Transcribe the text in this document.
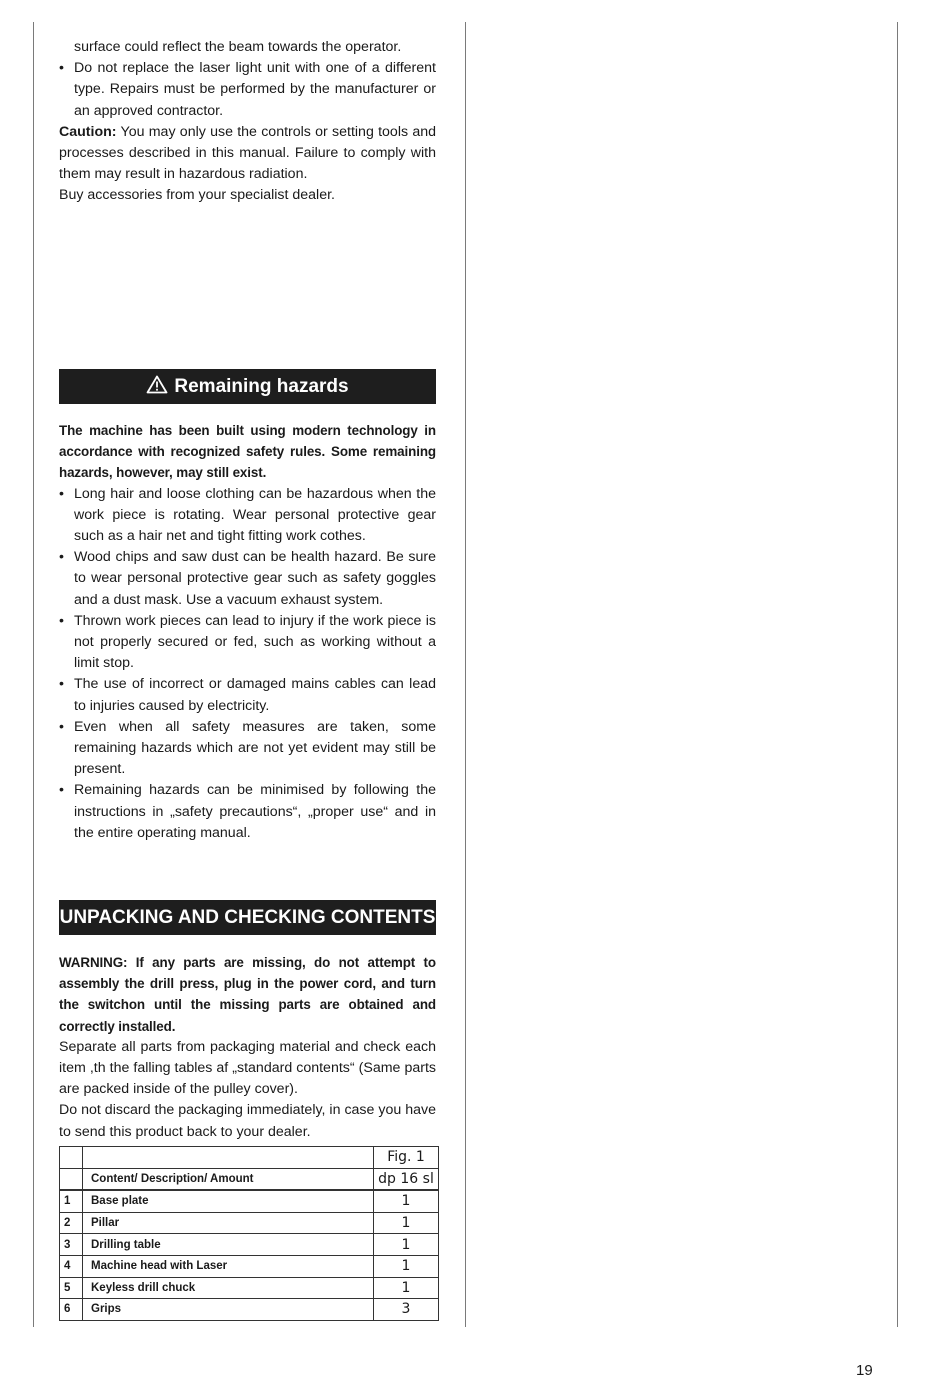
surface could reflect the beam towards the operator.

• Do not replace the laser light unit with one of a different type. Repairs must be performed by the manufacturer or an approved contractor.

Caution: You may only use the controls or setting tools and processes described in this manual. Failure to comply with them may result in hazardous radiation.

Buy accessories from your specialist dealer.

Remaining hazards

The machine has been built using modern technology in accordance with recognized safety rules. Some remaining hazards, however, may still exist.

• Long hair and loose clothing can be hazardous when the work piece is rotating. Wear personal protective gear such as a hair net and tight fitting work cothes.
• Wood chips and saw dust can be health hazard. Be sure to wear personal protective gear such as safety goggles and a dust mask. Use a vacuum exhaust system.
• Thrown work pieces can lead to injury if the work piece is not properly secured or fed, such as working without a limit stop.
• The use of incorrect or damaged mains cables can lead to injuries caused by electricity.
• Even when all safety measures are taken, some remaining hazards which are not yet evident may still be present.
• Remaining hazards can be minimised by following the instructions in „safety precautions“, „proper use“ and in the entire operating manual.
UNPACKING AND CHECKING CONTENTS

WARNING: If any parts are missing, do not attempt to assembly the drill press, plug in the power cord, and turn the switchon until the missing parts are obtained and correctly installed.

Separate all parts from packaging material and check each item ,th the falling tables af „standard contents“ (Same parts are packed inside of the pulley cover).

Do not discard the packaging immediately, in case you have to send this product back to your dealer.

		Fig. 1
	Content/ Description/ Amount	dp 16 sl
1	Base plate	1
2	Pillar	1
3	Drilling table	1
4	Machine head with Laser	1
5	Keyless drill chuck	1
6	Grips	3
19
